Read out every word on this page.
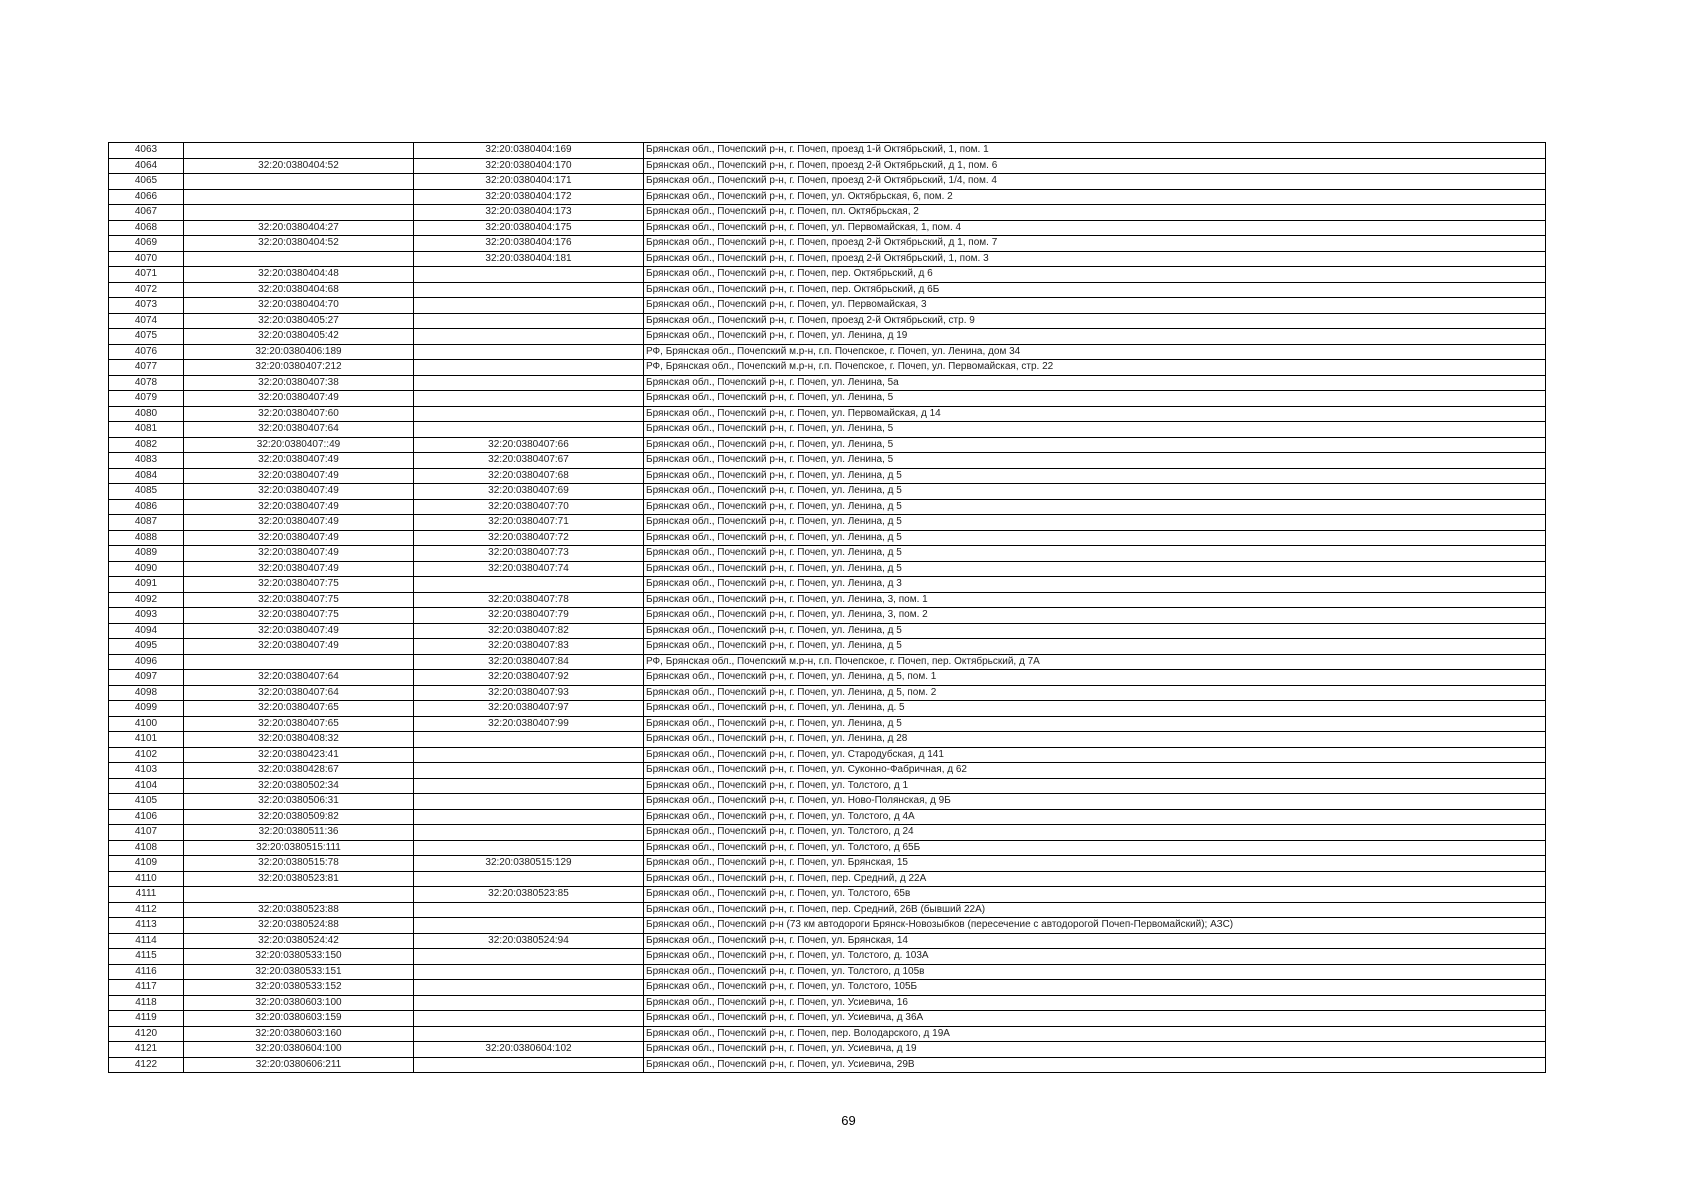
4063		32:20:0380404:169	Брянская обл., Почепский р-н, г. Почеп, проезд 1-й Октябрьский, 1, пом. 1
4064	32:20:0380404:52	32:20:0380404:170	Брянская обл., Почепский р-н, г. Почеп, проезд 2-й Октябрьский, д 1, пом. 6
4065		32:20:0380404:171	Брянская обл., Почепский р-н, г. Почеп, проезд 2-й Октябрьский, 1/4, пом. 4
4066		32:20:0380404:172	Брянская обл., Почепский р-н, г. Почеп, ул. Октябрьская, 6, пом. 2
4067		32:20:0380404:173	Брянская обл., Почепский р-н, г. Почеп, пл. Октябрьская, 2
4068	32:20:0380404:27	32:20:0380404:175	Брянская обл., Почепский р-н, г. Почеп, ул. Первомайская, 1, пом. 4
4069	32:20:0380404:52	32:20:0380404:176	Брянская обл., Почепский р-н, г. Почеп, проезд 2-й Октябрьский, д 1, пом. 7
4070		32:20:0380404:181	Брянская обл., Почепский р-н, г. Почеп, проезд 2-й Октябрьский, 1, пом. 3
4071	32:20:0380404:48		Брянская обл., Почепский р-н, г. Почеп, пер. Октябрьский, д 6
4072	32:20:0380404:68		Брянская обл., Почепский р-н, г. Почеп, пер. Октябрьский, д 6Б
4073	32:20:0380404:70		Брянская обл., Почепский р-н, г. Почеп, ул. Первомайская, 3
4074	32:20:0380405:27		Брянская обл., Почепский р-н, г. Почеп, проезд 2-й Октябрьский, стр. 9
4075	32:20:0380405:42		Брянская обл., Почепский р-н, г. Почеп, ул. Ленина, д 19
4076	32:20:0380406:189		РФ, Брянская обл., Почепский м.р-н, г.п. Почепское, г. Почеп, ул. Ленина, дом 34
4077	32:20:0380407:212		РФ, Брянская обл., Почепский м.р-н, г.п. Почепское, г. Почеп, ул. Первомайская, стр. 22
4078	32:20:0380407:38		Брянская обл., Почепский р-н, г. Почеп, ул. Ленина, 5а
4079	32:20:0380407:49		Брянская обл., Почепский р-н, г. Почеп, ул. Ленина, 5
4080	32:20:0380407:60		Брянская обл., Почепский р-н, г. Почеп, ул. Первомайская, д 14
4081	32:20:0380407:64		Брянская обл., Почепский р-н, г. Почеп, ул. Ленина, 5
4082	32:20:0380407::49	32:20:0380407:66	Брянская обл., Почепский р-н, г. Почеп, ул. Ленина, 5
4083	32:20:0380407:49	32:20:0380407:67	Брянская обл., Почепский р-н, г. Почеп, ул. Ленина, 5
4084	32:20:0380407:49	32:20:0380407:68	Брянская обл., Почепский р-н, г. Почеп, ул. Ленина, д 5
4085	32:20:0380407:49	32:20:0380407:69	Брянская обл., Почепский р-н, г. Почеп, ул. Ленина, д 5
4086	32:20:0380407:49	32:20:0380407:70	Брянская обл., Почепский р-н, г. Почеп, ул. Ленина, д 5
4087	32:20:0380407:49	32:20:0380407:71	Брянская обл., Почепский р-н, г. Почеп, ул. Ленина, д 5
4088	32:20:0380407:49	32:20:0380407:72	Брянская обл., Почепский р-н, г. Почеп, ул. Ленина, д 5
4089	32:20:0380407:49	32:20:0380407:73	Брянская обл., Почепский р-н, г. Почеп, ул. Ленина, д 5
4090	32:20:0380407:49	32:20:0380407:74	Брянская обл., Почепский р-н, г. Почеп, ул. Ленина, д 5
4091	32:20:0380407:75		Брянская обл., Почепский р-н, г. Почеп, ул. Ленина, д 3
4092	32:20:0380407:75	32:20:0380407:78	Брянская обл., Почепский р-н, г. Почеп, ул. Ленина, 3, пом. 1
4093	32:20:0380407:75	32:20:0380407:79	Брянская обл., Почепский р-н, г. Почеп, ул. Ленина, 3, пом. 2
4094	32:20:0380407:49	32:20:0380407:82	Брянская обл., Почепский р-н, г. Почеп, ул. Ленина, д 5
4095	32:20:0380407:49	32:20:0380407:83	Брянская обл., Почепский р-н, г. Почеп, ул. Ленина, д 5
4096		32:20:0380407:84	РФ, Брянская обл., Почепский м.р-н, г.п. Почепское, г. Почеп, пер. Октябрьский, д 7А
4097	32:20:0380407:64	32:20:0380407:92	Брянская обл., Почепский р-н, г. Почеп, ул. Ленина, д 5, пом. 1
4098	32:20:0380407:64	32:20:0380407:93	Брянская обл., Почепский р-н, г. Почеп, ул. Ленина, д 5, пом. 2
4099	32:20:0380407:65	32:20:0380407:97	Брянская обл., Почепский р-н, г. Почеп, ул. Ленина, д. 5
4100	32:20:0380407:65	32:20:0380407:99	Брянская обл., Почепский р-н, г. Почеп, ул. Ленина, д 5
4101	32:20:0380408:32		Брянская обл., Почепский р-н, г. Почеп, ул. Ленина, д 28
4102	32:20:0380423:41		Брянская обл., Почепский р-н, г. Почеп, ул. Стародубская, д 141
4103	32:20:0380428:67		Брянская обл., Почепский р-н, г. Почеп, ул. Суконно-Фабричная, д 62
4104	32:20:0380502:34		Брянская обл., Почепский р-н, г. Почеп, ул. Толстого, д 1
4105	32:20:0380506:31		Брянская обл., Почепский р-н, г. Почеп, ул. Ново-Полянская, д 9Б
4106	32:20:0380509:82		Брянская обл., Почепский р-н, г. Почеп, ул. Толстого, д 4А
4107	32:20:0380511:36		Брянская обл., Почепский р-н, г. Почеп, ул. Толстого, д 24
4108	32:20:0380515:111		Брянская обл., Почепский р-н, г. Почеп, ул. Толстого, д 65Б
4109	32:20:0380515:78	32:20:0380515:129	Брянская обл., Почепский р-н, г. Почеп, ул. Брянская, 15
4110	32:20:0380523:81		Брянская обл., Почепский р-н, г. Почеп, пер. Средний, д 22А
4111		32:20:0380523:85	Брянская обл., Почепский р-н, г. Почеп, ул. Толстого, 65в
4112	32:20:0380523:88		Брянская обл., Почепский р-н, г. Почеп, пер. Средний, 26В (бывший 22А)
4113	32:20:0380524:88		Брянская обл., Почепский р-н (73 км автодороги Брянск-Новозыбков (пересечение с автодорогой Почеп-Первомайский); АЗС)
4114	32:20:0380524:42	32:20:0380524:94	Брянская обл., Почепский р-н, г. Почеп, ул. Брянская, 14
4115	32:20:0380533:150		Брянская обл., Почепский р-н, г. Почеп, ул. Толстого, д. 103А
4116	32:20:0380533:151		Брянская обл., Почепский р-н, г. Почеп, ул. Толстого, д 105в
4117	32:20:0380533:152		Брянская обл., Почепский р-н, г. Почеп, ул. Толстого, 105Б
4118	32:20:0380603:100		Брянская обл., Почепский р-н, г. Почеп, ул. Усиевича, 16
4119	32:20:0380603:159		Брянская обл., Почепский р-н, г. Почеп, ул. Усиевича, д 36А
4120	32:20:0380603:160		Брянская обл., Почепский р-н, г. Почеп, пер. Володарского, д 19А
4121	32:20:0380604:100	32:20:0380604:102	Брянская обл., Почепский р-н, г. Почеп, ул. Усиевича, д 19
4122	32:20:0380606:211		Брянская обл., Почепский р-н, г. Почеп, ул. Усиевича, 29В
69
